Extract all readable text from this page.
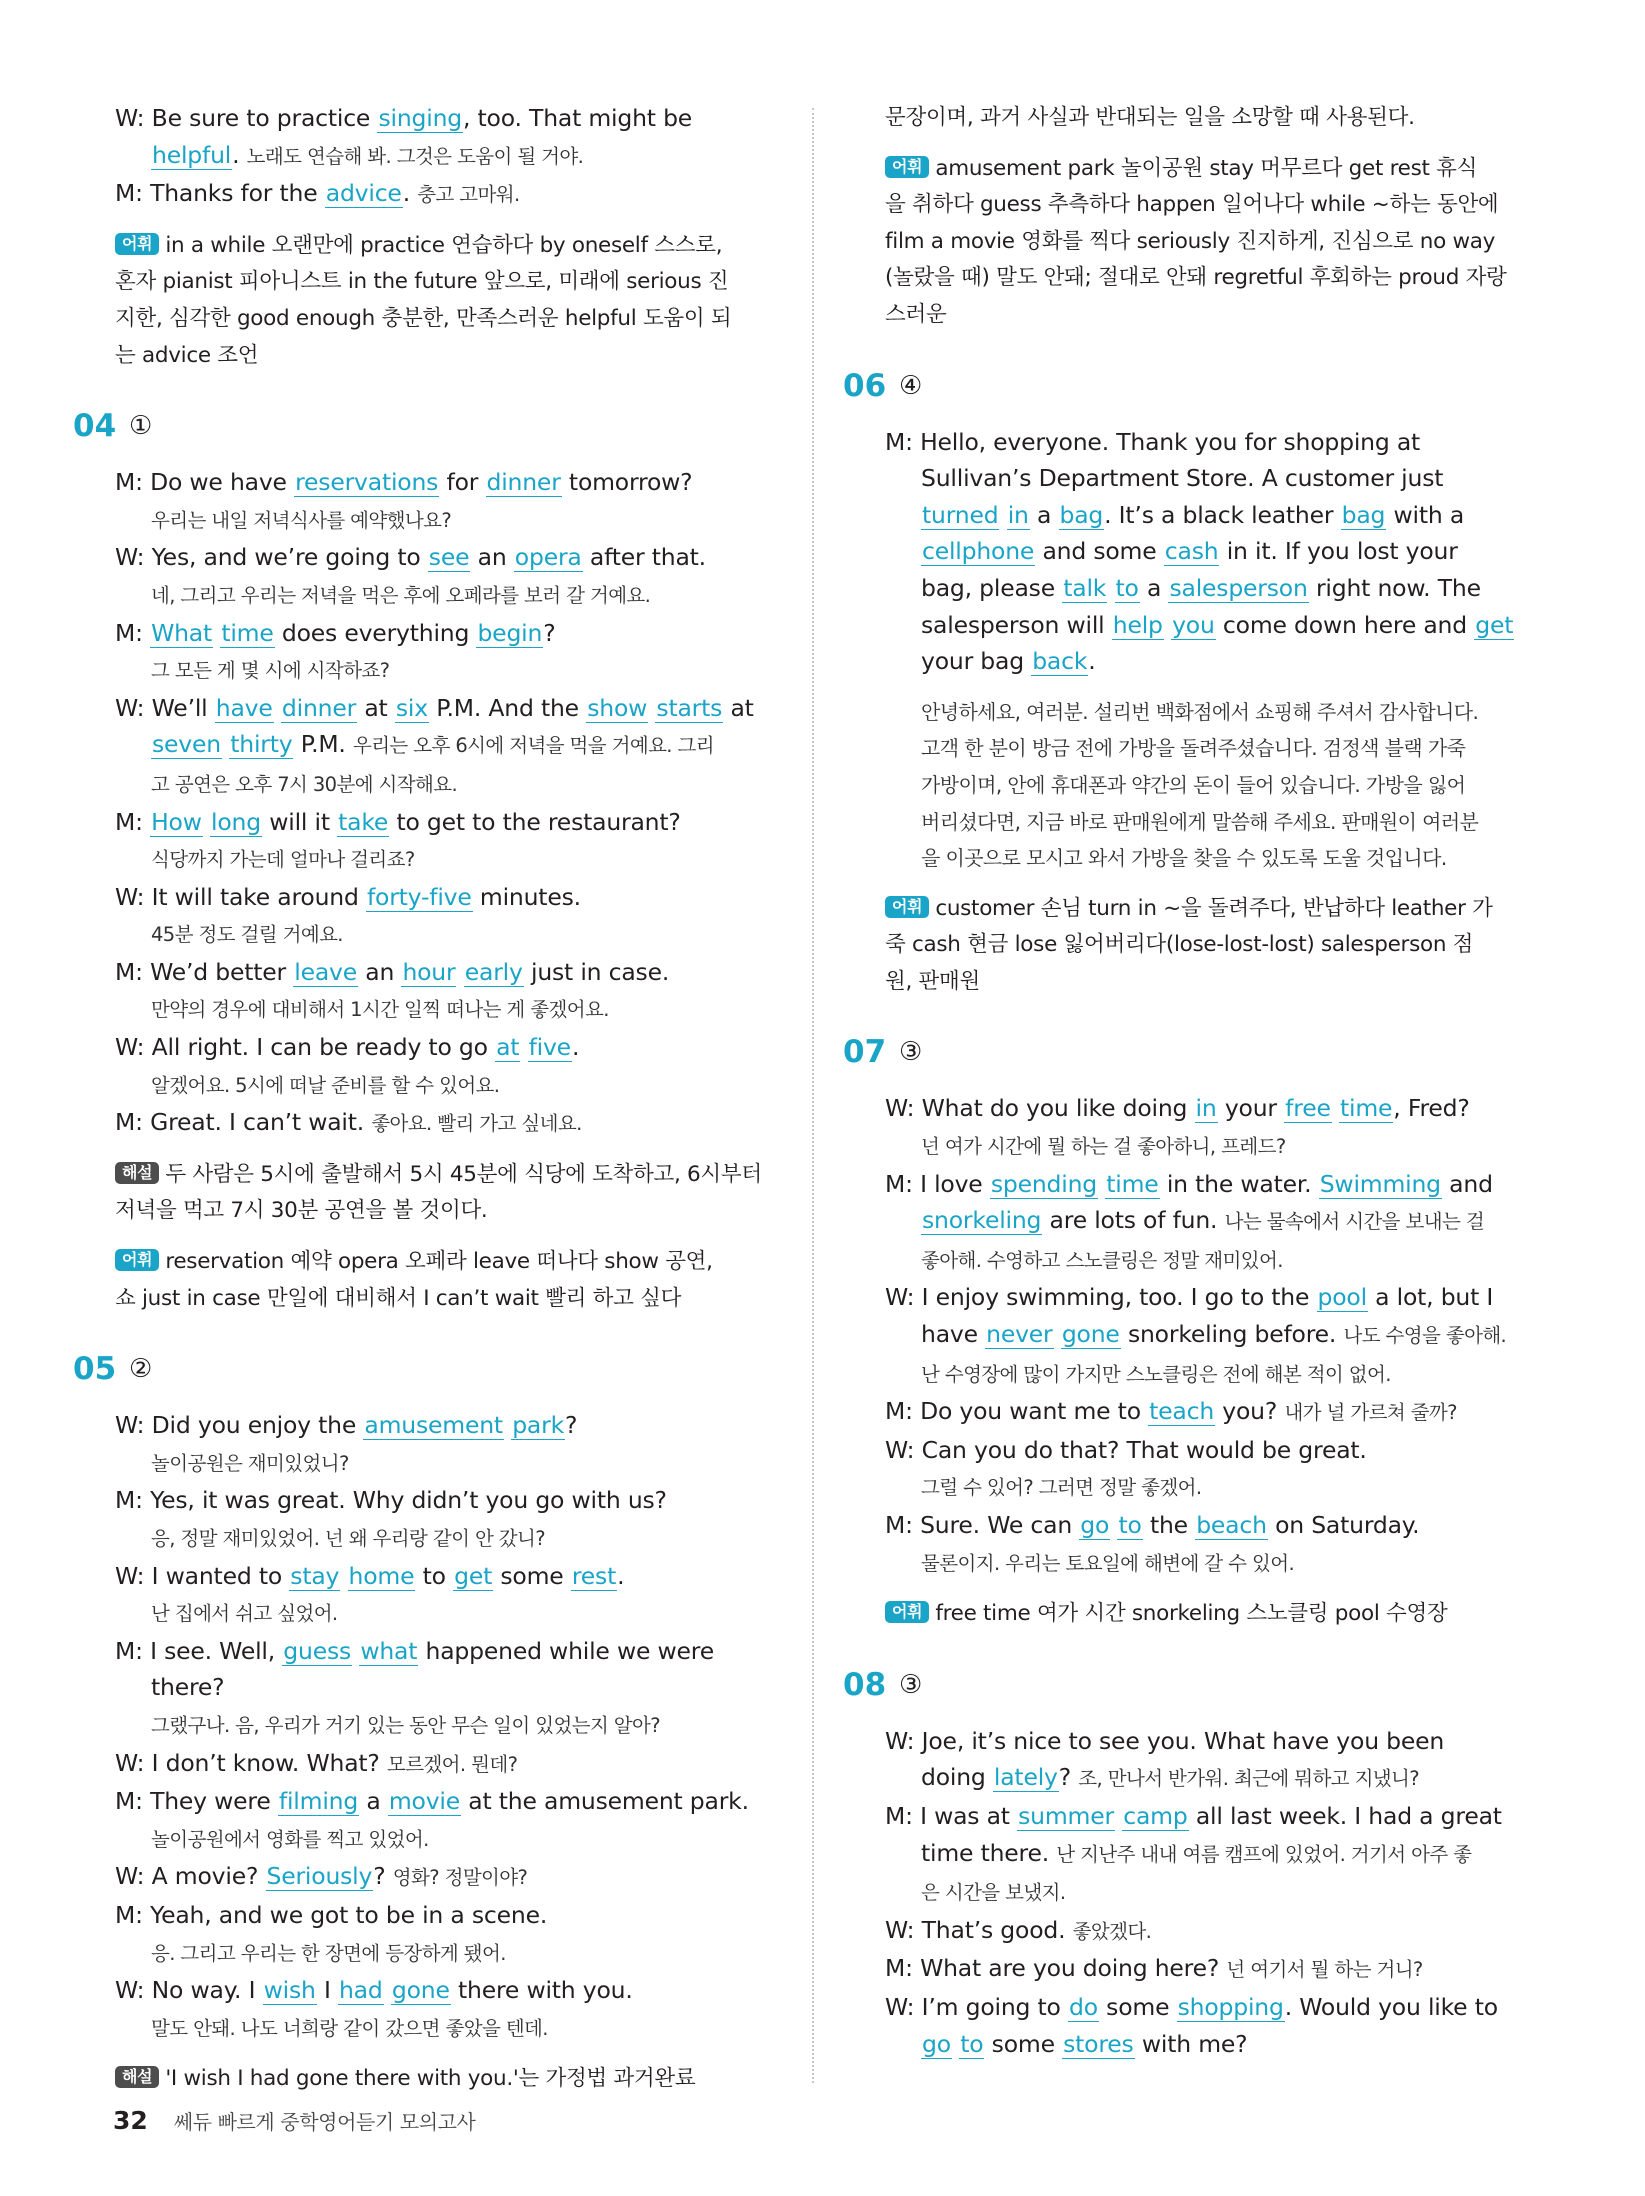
W: Be sure to practice singing, too. That might be
helpful. 노래도 연습해 봐. 그것은 도움이 될 거야.
M: Thanks for the advice. 충고 고마워.
어휘 in a while 오랜만에 practice 연습하다 by oneself 스스로,
혼자 pianist 피아니스트 in the future 앞으로, 미래에 serious 진
지한, 심각한 good enough 충분한, 만족스러운 helpful 도움이 되
는 advice 조언
04 ①
M: Do we have reservations for dinner tomorrow?
우리는 내일 저녁식사를 예약했나요?
W: Yes, and we’re going to see an opera after that.
네, 그리고 우리는 저녁을 먹은 후에 오페라를 보러 갈 거예요.
M: What time does everything begin?
그 모든 게 몇 시에 시작하죠?
W: We’ll have dinner at six P.M. And the show starts at
seven thirty P.M. 우리는 오후 6시에 저녁을 먹을 거예요. 그리
고 공연은 오후 7시 30분에 시작해요.
M: How long will it take to get to the restaurant?
식당까지 가는데 얼마나 걸리죠?
W: It will take around forty-five minutes.
45분 정도 걸릴 거예요.
M: We’d better leave an hour early just in case.
만약의 경우에 대비해서 1시간 일찍 떠나는 게 좋겠어요.
W: All right. I can be ready to go at five.
알겠어요. 5시에 떠날 준비를 할 수 있어요.
M: Great. I can’t wait. 좋아요. 빨리 가고 싶네요.
해설 두 사람은 5시에 출발해서 5시 45분에 식당에 도착하고, 6시부터
저녁을 먹고 7시 30분 공연을 볼 것이다.
어휘 reservation 예약 opera 오페라 leave 떠나다 show 공연,
쇼 just in case 만일에 대비해서 I can’t wait 빨리 하고 싶다
05 ②
W: Did you enjoy the amusement park?
놀이공원은 재미있었니?
M: Yes, it was great. Why didn’t you go with us?
응, 정말 재미있었어. 넌 왜 우리랑 같이 안 갔니?
W: I wanted to stay home to get some rest.
난 집에서 쉬고 싶었어.
M: I see. Well, guess what happened while we were
there?
그랬구나. 음, 우리가 거기 있는 동안 무슨 일이 있었는지 알아?
W: I don’t know. What? 모르겠어. 뭔데?
M: They were filming a movie at the amusement park.
놀이공원에서 영화를 찍고 있었어.
W: A movie? Seriously? 영화? 정말이야?
M: Yeah, and we got to be in a scene.
응. 그리고 우리는 한 장면에 등장하게 됐어.
W: No way. I wish I had gone there with you.
말도 안돼. 나도 너희랑 같이 갔으면 좋았을 텐데.
해설 'I wish I had gone there with you.'는 가정법 과거완료
문장이며, 과거 사실과 반대되는 일을 소망할 때 사용된다.
어휘 amusement park 놀이공원 stay 머무르다 get rest 휴식
을 취하다 guess 추측하다 happen 일어나다 while ~하는 동안에
film a movie 영화를 찍다 seriously 진지하게, 진심으로 no way
(놀랐을 때) 말도 안돼; 절대로 안돼 regretful 후회하는 proud 자랑
스러운
06 ④
M: Hello, everyone. Thank you for shopping at
Sullivan’s Department Store. A customer just
turned in a bag. It’s a black leather bag with a
cellphone and some cash in it. If you lost your
bag, please talk to a salesperson right now. The
salesperson will help you come down here and get
your bag back.
안녕하세요, 여러분. 설리번 백화점에서 쇼핑해 주셔서 감사합니다.
고객 한 분이 방금 전에 가방을 돌려주셨습니다. 검정색 블랙 가죽
가방이며, 안에 휴대폰과 약간의 돈이 들어 있습니다. 가방을 잃어
버리셨다면, 지금 바로 판매원에게 말씀해 주세요. 판매원이 여러분
을 이곳으로 모시고 와서 가방을 찾을 수 있도록 도울 것입니다.
어휘 customer 손님 turn in ~을 돌려주다, 반납하다 leather 가
죽 cash 현금 lose 잃어버리다(lose-lost-lost) salesperson 점
원, 판매원
07 ③
W: What do you like doing in your free time, Fred?
넌 여가 시간에 뭘 하는 걸 좋아하니, 프레드?
M: I love spending time in the water. Swimming and
snorkeling are lots of fun. 나는 물속에서 시간을 보내는 걸
좋아해. 수영하고 스노클링은 정말 재미있어.
W: I enjoy swimming, too. I go to the pool a lot, but I
have never gone snorkeling before. 나도 수영을 좋아해.
난 수영장에 많이 가지만 스노클링은 전에 해본 적이 없어.
M: Do you want me to teach you? 내가 널 가르쳐 줄까?
W: Can you do that? That would be great.
그럴 수 있어? 그러면 정말 좋겠어.
M: Sure. We can go to the beach on Saturday.
물론이지. 우리는 토요일에 해변에 갈 수 있어.
어휘 free time 여가 시간 snorkeling 스노클링 pool 수영장
08 ③
W: Joe, it’s nice to see you. What have you been
doing lately? 조, 만나서 반가워. 최근에 뭐하고 지냈니?
M: I was at summer camp all last week. I had a great
time there. 난 지난주 내내 여름 캠프에 있었어. 거기서 아주 좋
은 시간을 보냈지.
W: That’s good. 좋았겠다.
M: What are you doing here? 넌 여기서 뭘 하는 거니?
W: I’m going to do some shopping. Would you like to
go to some stores with me?
32 쎄듀 빠르게 중학영어듣기 모의고사
